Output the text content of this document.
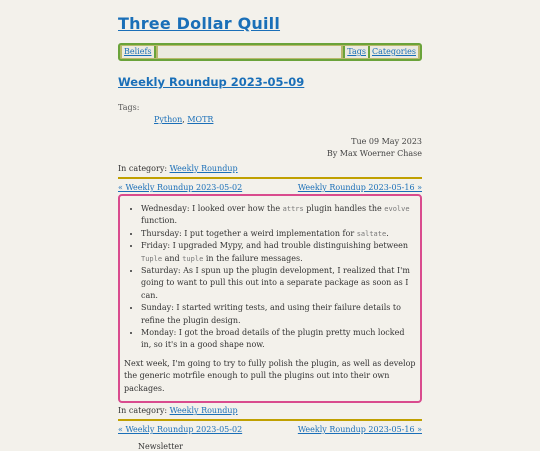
Three Dollar Quill
Beliefs	Tags Categories
Weekly Roundup 2023-05-09
Tags:
Python, MOTR
Tue 09 May 2023
By Max Woerner Chase
In category: Weekly Roundup
« Weekly Roundup 2023-05-02	Weekly Roundup 2023-05-16 »
• Wednesday: I looked over how the attrs plugin handles the evolve function.
• Thursday: I put together a weird implementation for saltate.
• Friday: I upgraded Mypy, and had trouble distinguishing between Tuple and tuple in the failure messages.
• Saturday: As I spun up the plugin development, I realized that I'm going to want to pull this out into a separate package as soon as I can.
• Sunday: I started writing tests, and using their failure details to refine the plugin design.
• Monday: I got the broad details of the plugin pretty much locked in, so it's in a good shape now.

Next week, I'm going to try to fully polish the plugin, as well as develop the generic motrfile enough to pull the plugins out into their own packages.

In category: Weekly Roundup
« Weekly Roundup 2023-05-02	Weekly Roundup 2023-05-16 »
Newsletter
